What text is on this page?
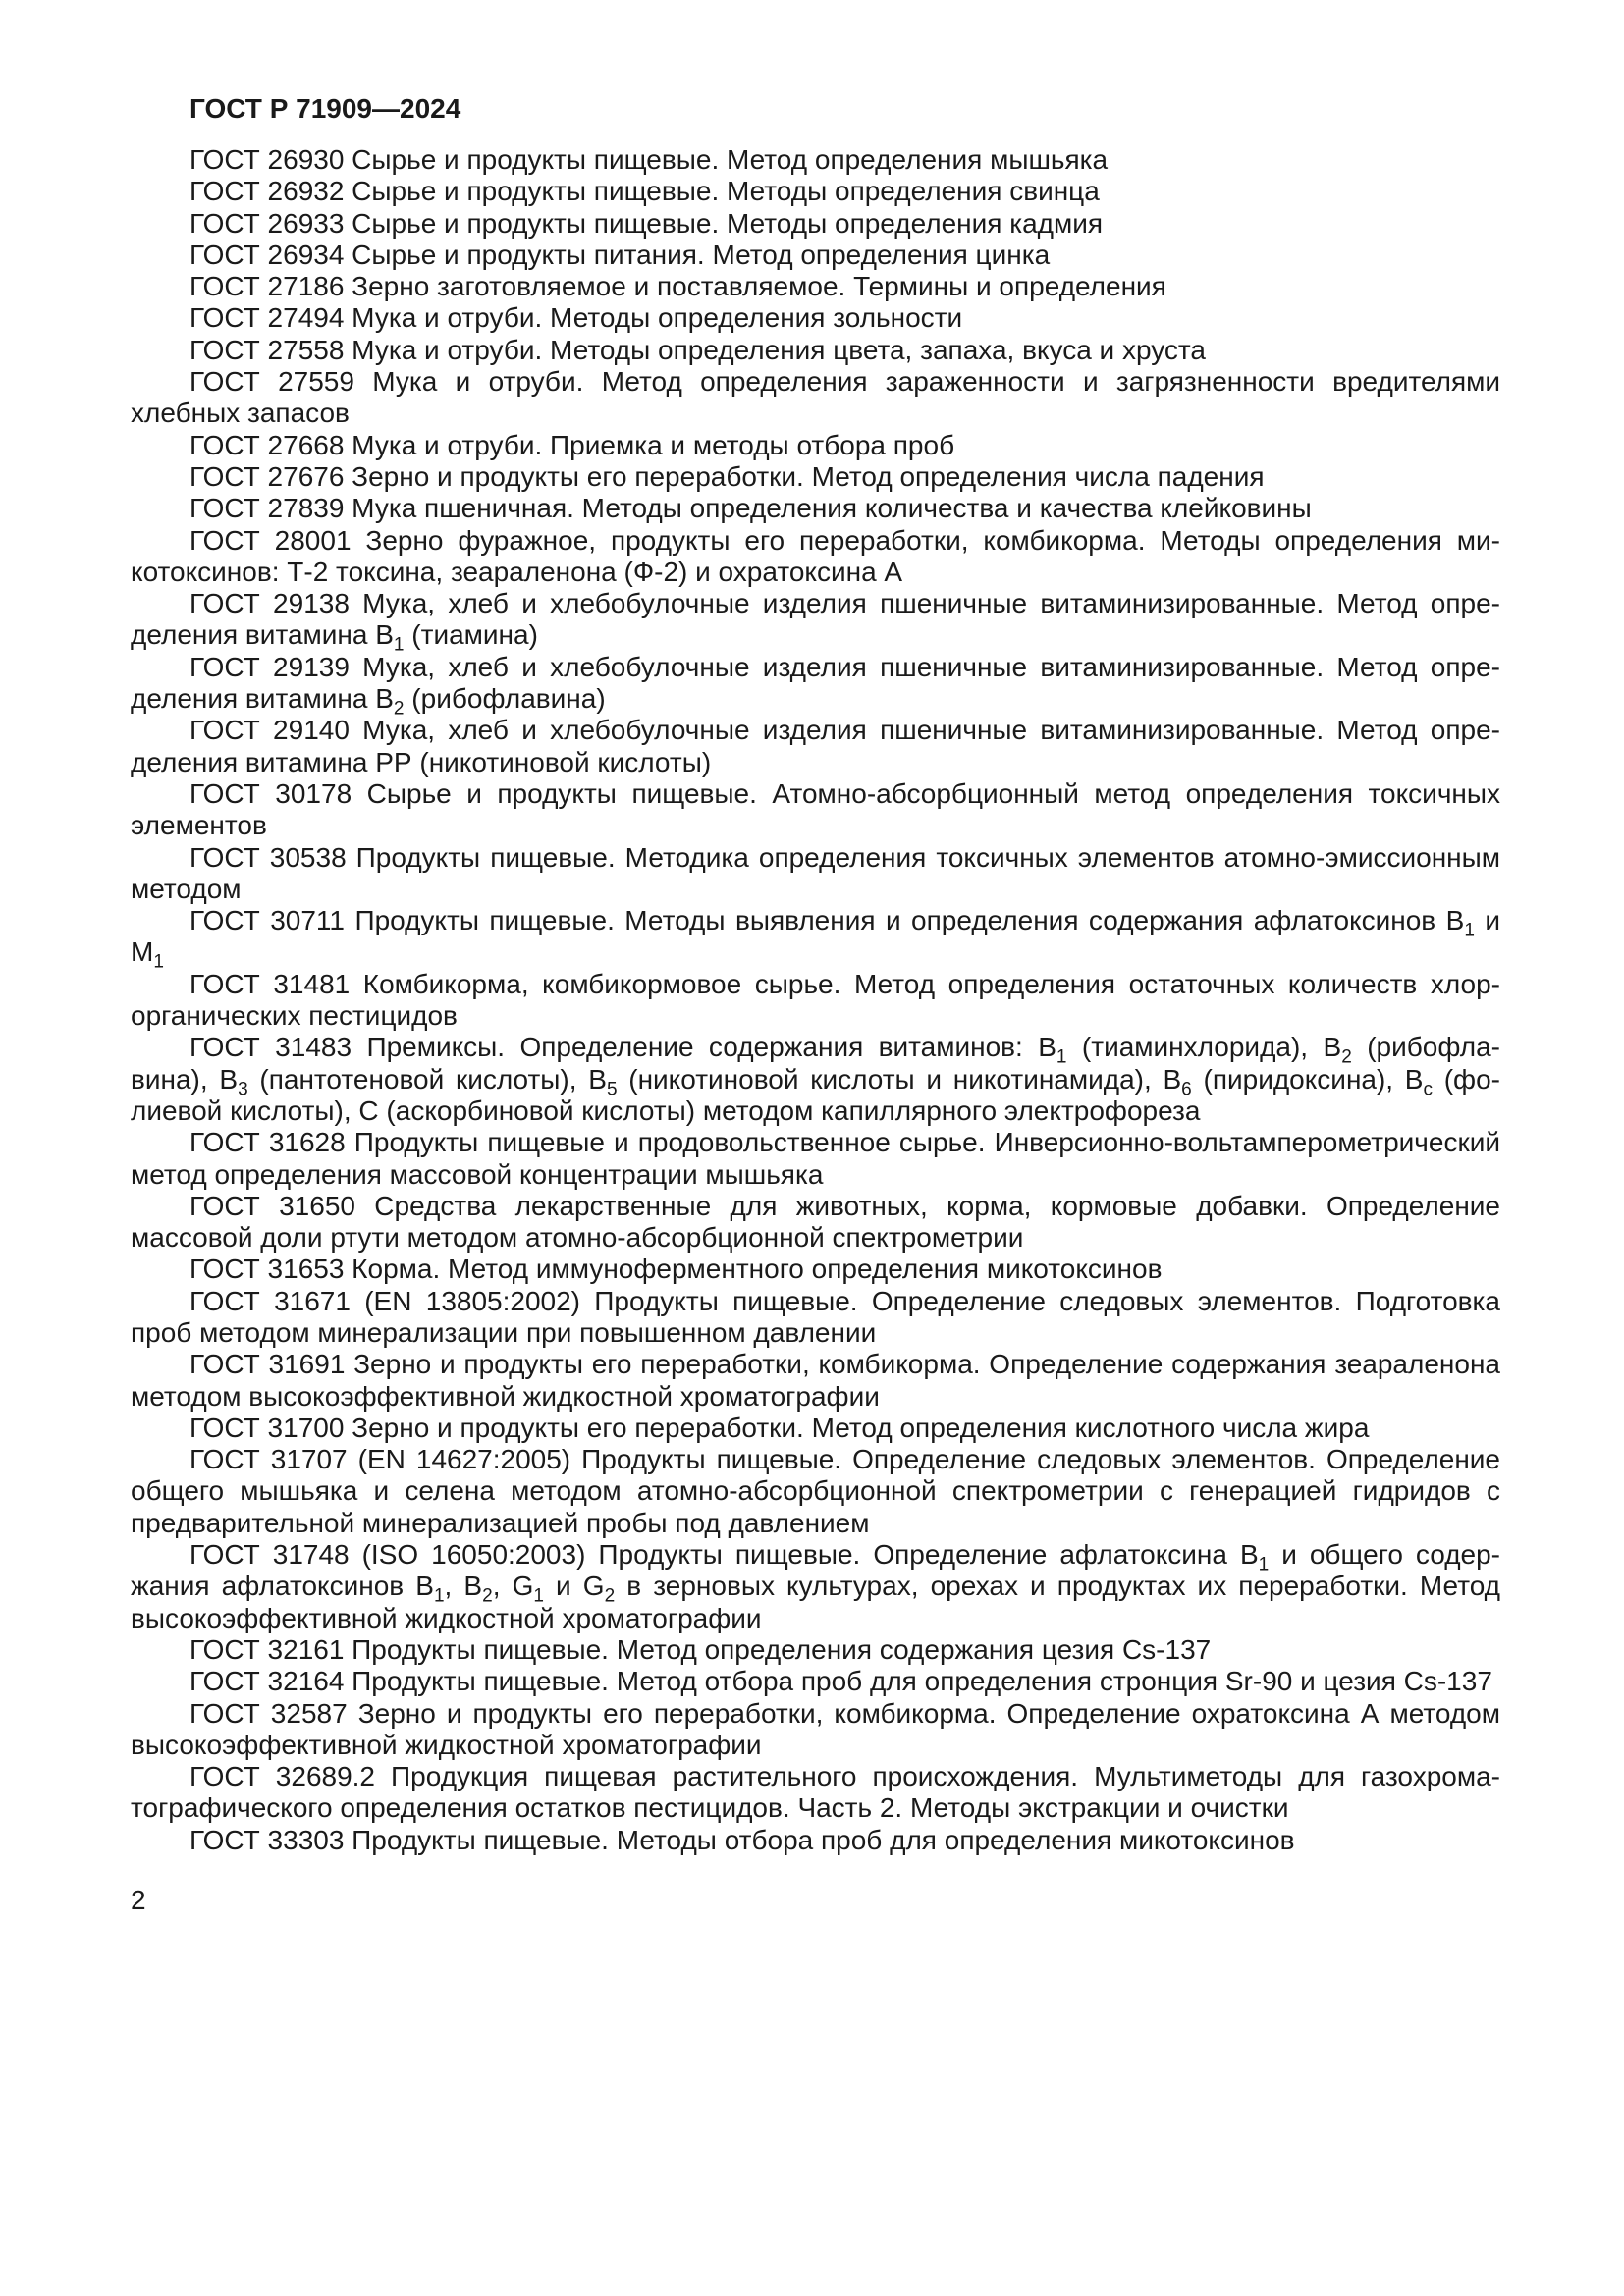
ГОСТ Р 71909—2024

ГОСТ 26930 Сырье и продукты пищевые. Метод определения мышьяка

ГОСТ 26932 Сырье и продукты пищевые. Методы определения свинца

ГОСТ 26933 Сырье и продукты пищевые. Методы определения кадмия

ГОСТ 26934 Сырье и продукты питания. Метод определения цинка

ГОСТ 27186 Зерно заготовляемое и поставляемое. Термины и определения

ГОСТ 27494 Мука и отруби. Методы определения зольности

ГОСТ 27558 Мука и отруби. Методы определения цвета, запаха, вкуса и хруста

ГОСТ 27559 Мука и отруби. Метод определения зараженности и загрязненности вредителями хлебных запасов

ГОСТ 27668 Мука и отруби. Приемка и методы отбора проб

ГОСТ 27676 Зерно и продукты его переработки. Метод определения числа падения

ГОСТ 27839 Мука пшеничная. Методы определения количества и качества клейковины

ГОСТ 28001 Зерно фуражное, продукты его переработки, комбикорма. Методы определения микотоксинов: Т-2 токсина, зеараленона (Ф-2) и охратоксина А

ГОСТ 29138 Мука, хлеб и хлебобулочные изделия пшеничные витаминизированные. Метод определения витамина $В_1$ (тиамина)

ГОСТ 29139 Мука, хлеб и хлебобулочные изделия пшеничные витаминизированные. Метод определения витамина $В_2$ (рибофлавина)

ГОСТ 29140 Мука, хлеб и хлебобулочные изделия пшеничные витаминизированные. Метод определения витамина РР (никотиновой кислоты)

ГОСТ 30178 Сырье и продукты пищевые. Атомно-абсорбционный метод определения токсичных элементов

ГОСТ 30538 Продукты пищевые. Методика определения токсичных элементов атомно-эмиссионным методом

ГОСТ 30711 Продукты пищевые. Методы выявления и определения содержания афлатоксинов $В_1$ и $М_1$

ГОСТ 31481 Комбикорма, комбикормовое сырье. Метод определения остаточных количеств хлорорганических пестицидов

ГОСТ 31483 Премиксы. Определение содержания витаминов: $В_1$ (тиаминхлорида), $В_2$ (рибофлавина), $В_3$ (пантотеновой кислоты), $В_5$ (никотиновой кислоты и никотинамида), $В_6$ (пиридоксина), $В_с$ (фолиевой кислоты), С (аскорбиновой кислоты) методом капиллярного электрофореза

ГОСТ 31628 Продукты пищевые и продовольственное сырье. Инверсионно-вольтамперометрический метод определения массовой концентрации мышьяка

ГОСТ 31650 Средства лекарственные для животных, корма, кормовые добавки. Определение массовой доли ртути методом атомно-абсорбционной спектрометрии

ГОСТ 31653 Корма. Метод иммуноферментного определения микотоксинов

ГОСТ 31671 (EN 13805:2002) Продукты пищевые. Определение следовых элементов. Подготовка проб методом минерализации при повышенном давлении

ГОСТ 31691 Зерно и продукты его переработки, комбикорма. Определение содержания зеараленона методом высокоэффективной жидкостной хроматографии

ГОСТ 31700 Зерно и продукты его переработки. Метод определения кислотного числа жира

ГОСТ 31707 (EN 14627:2005) Продукты пищевые. Определение следовых элементов. Определение общего мышьяка и селена методом атомно-абсорбционной спектрометрии с генерацией гидридов с предварительной минерализацией пробы под давлением

ГОСТ 31748 (ISO 16050:2003) Продукты пищевые. Определение афлатоксина $В_1$ и общего содержания афлатоксинов $В_1$, $В_2$, $G_1$ и $G_2$ в зерновых культурах, орехах и продуктах их переработки. Метод высокоэффективной жидкостной хроматографии

ГОСТ 32161 Продукты пищевые. Метод определения содержания цезия Cs-137

ГОСТ 32164 Продукты пищевые. Метод отбора проб для определения стронция Sr-90 и цезия Cs-137

ГОСТ 32587 Зерно и продукты его переработки, комбикорма. Определение охратоксина А методом высокоэффективной жидкостной хроматографии

ГОСТ 32689.2 Продукция пищевая растительного происхождения. Мультиметоды для газохроматографического определения остатков пестицидов. Часть 2. Методы экстракции и очистки

ГОСТ 33303 Продукты пищевые. Методы отбора проб для определения микотоксинов

2
